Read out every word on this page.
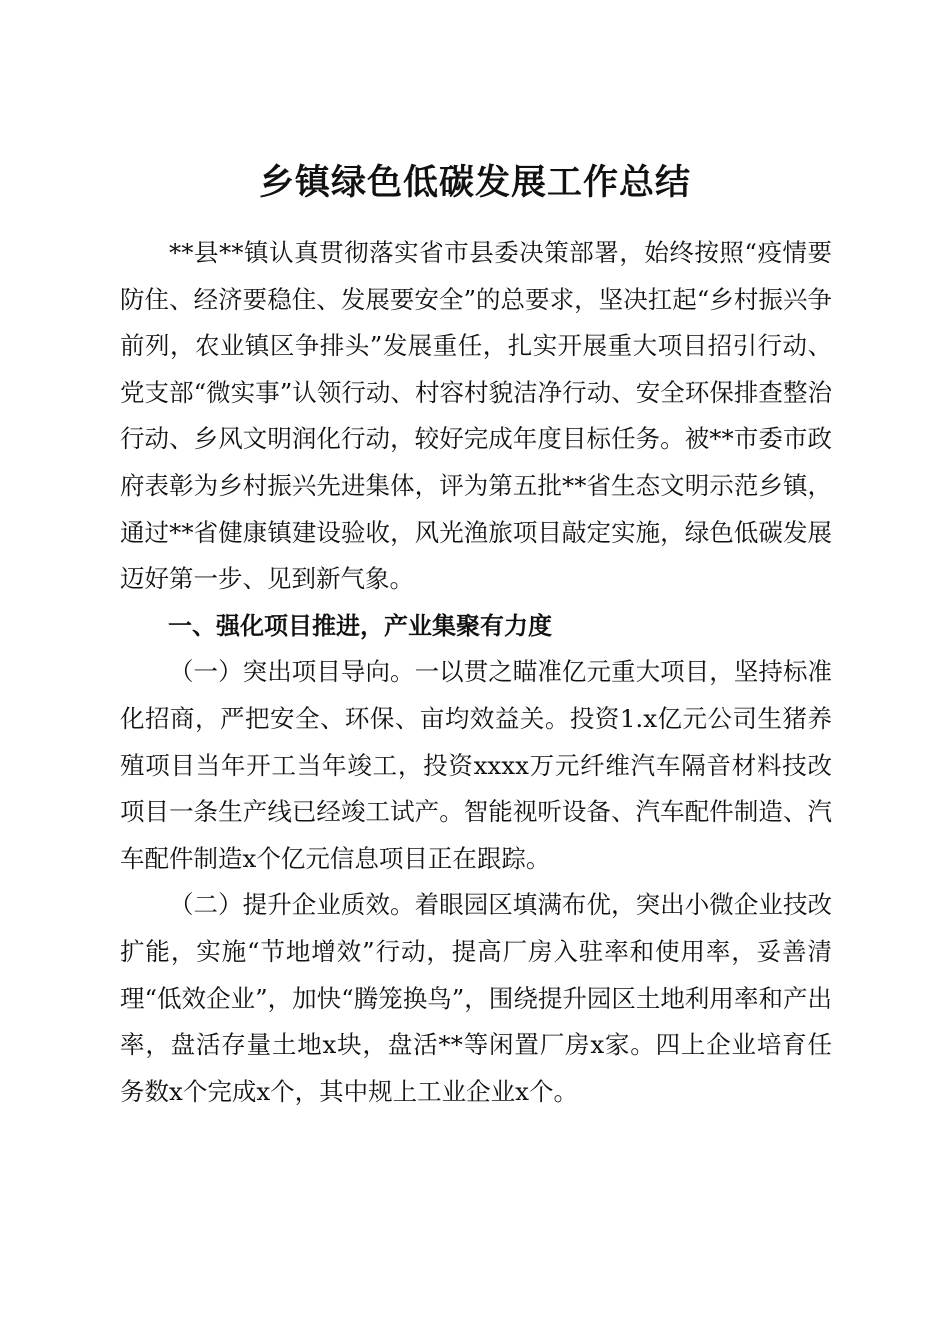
乡镇绿色低碳发展工作总结

**县**镇认真贯彻落实省市县委决策部署，始终按照“疫情要防住、经济要稳住、发展要安全”的总要求，坚决扛起“乡村振兴争前列，农业镇区争排头”发展重任，扎实开展重大项目招引行动、党支部“微实事”认领行动、村容村貌洁净行动、安全环保排查整治行动、乡风文明润化行动，较好完成年度目标任务。被**市委市政府表彰为乡村振兴先进集体，评为第五批**省生态文明示范乡镇，通过**省健康镇建设验收，风光渔旅项目敲定实施，绿色低碳发展迈好第一步、见到新气象。

一、强化项目推进，产业集聚有力度

（一）突出项目导向。一以贯之瞄准亿元重大项目，坚持标准化招商，严把安全、环保、亩均效益关。投资1.x亿元公司生猪养殖项目当年开工当年竣工，投资xxxx万元纤维汽车隔音材料技改项目一条生产线已经竣工试产。智能视听设备、汽车配件制造、汽车配件制造x个亿元信息项目正在跟踪。

（二）提升企业质效。着眼园区填满布优，突出小微企业技改扩能，实施“节地增效”行动，提高厂房入驻率和使用率，妥善清理“低效企业”，加快“腾笼换鸟”，围绕提升园区土地利用率和产出率，盘活存量土地x块，盘活**等闲置厂房x家。四上企业培育任务数x个完成x个，其中规上工业企业x个。
